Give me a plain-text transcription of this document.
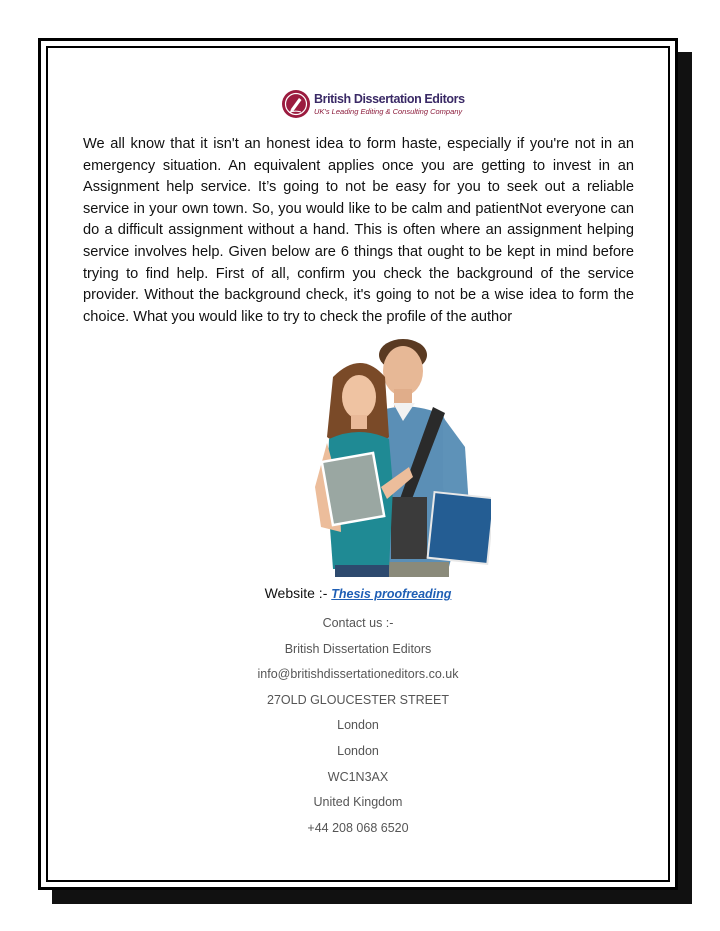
British Dissertation Editors
UK's Leading Editing & Consulting Company

We all know that it isn't an honest idea to form haste, especially if you're not in an emergency situation. An equivalent applies once you are getting to invest in an Assignment help service. It’s going to not be easy for you to seek out a reliable service in your own town. So, you would like to be calm and patientNot everyone can do a difficult assignment without a hand. This is often where an assignment helping service involves help. Given below are 6 things that ought to be kept in mind before trying to find help. First of all, confirm you check the background of the service provider. Without the background check, it's going to not be a wise idea to form the choice. What you would like to try to check the profile of the author

Website :- Thesis proofreading
Contact us :-
British Dissertation Editors
info@britishdissertationeditors.co.uk
27OLD GLOUCESTER STREET
London
London
WC1N3AX
United Kingdom
+44 208 068 6520
